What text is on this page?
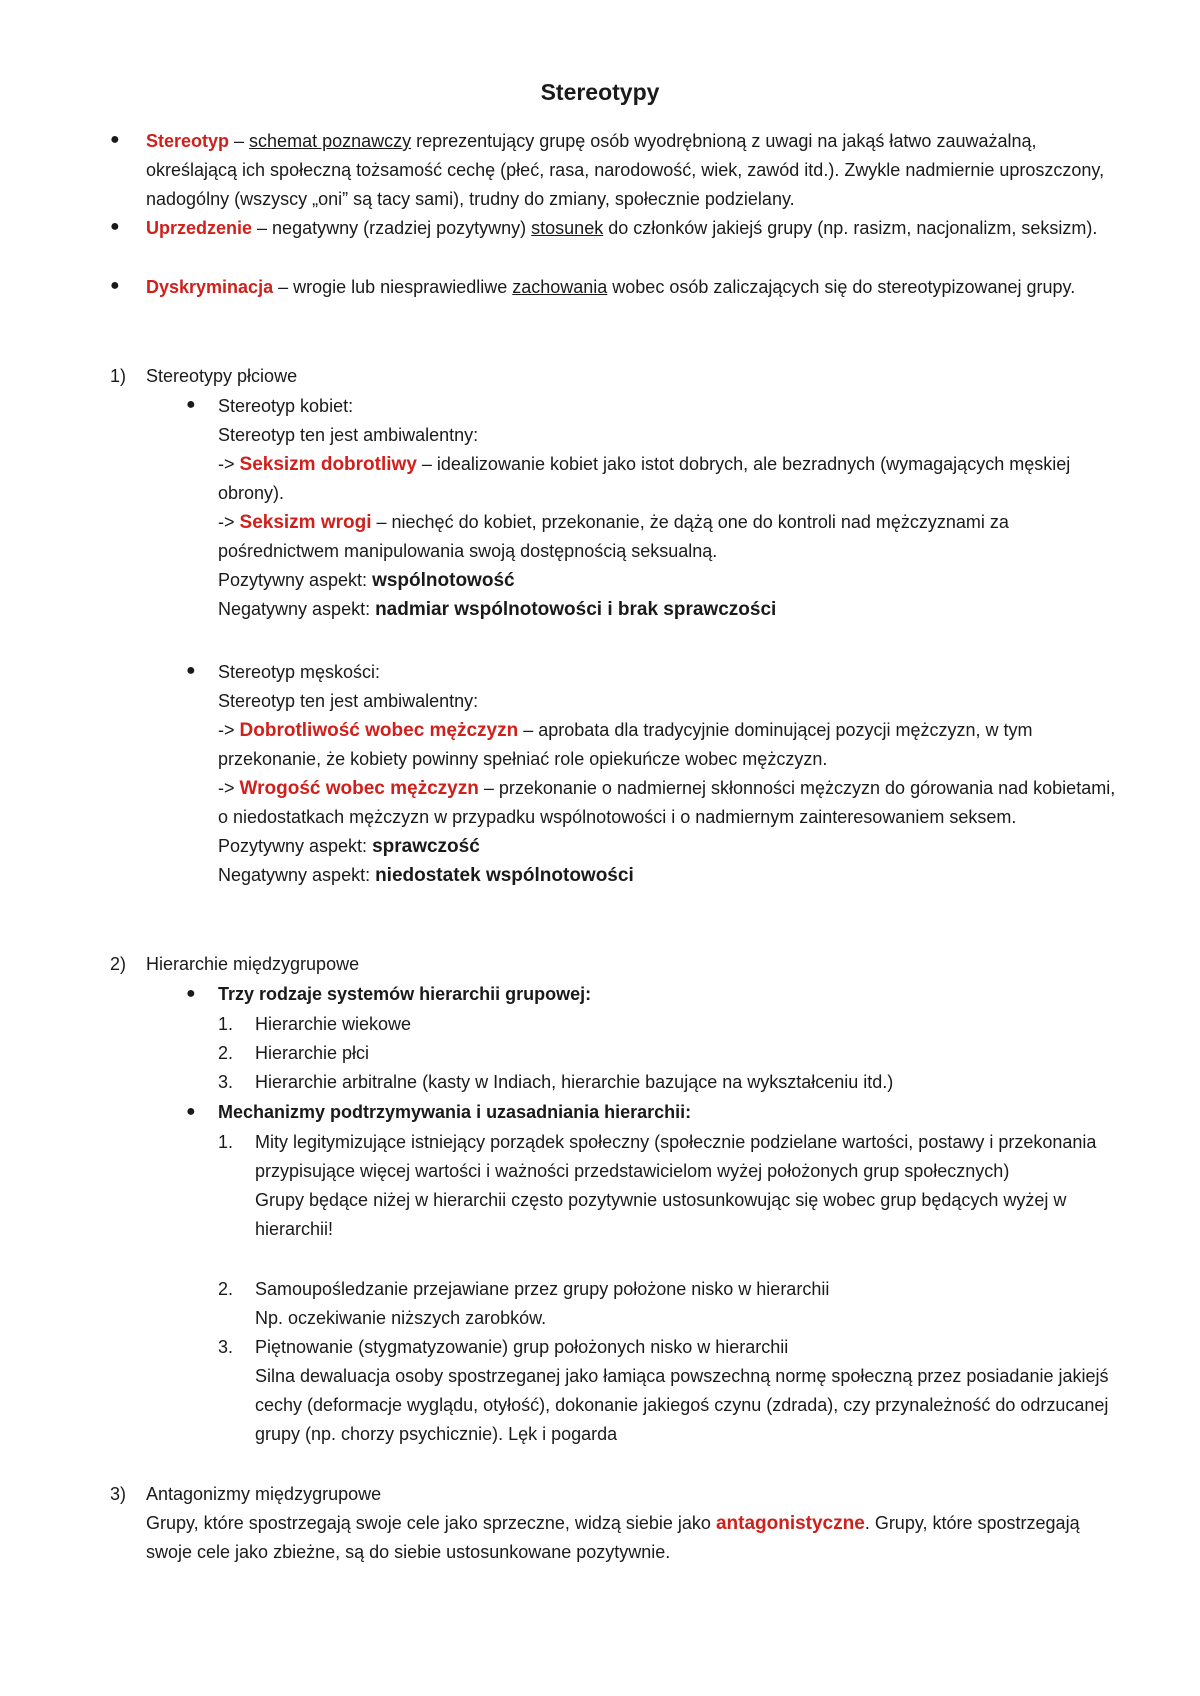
Stereotypy
● Stereotyp – schemat poznawczy reprezentujący grupę osób wyodrębnioną z uwagi na jakąś łatwo zauważalną, określającą ich społeczną tożsamość cechę (płeć, rasa, narodowość, wiek, zawód itd.). Zwykle nadmiernie uproszczony, nadogólny (wszyscy „oni” są tacy sami), trudny do zmiany, społecznie podzielany.
● Uprzedzenie – negatywny (rzadziej pozytywny) stosunek do członków jakiejś grupy (np. rasizm, nacjonalizm, seksizm).
● Dyskryminacja – wrogie lub niesprawiedliwe zachowania wobec osób zaliczających się do stereotypizowanej grupy.
1) Stereotypy płciowe
● Stereotyp kobiet:
Stereotyp ten jest ambiwalentny:
-> Seksizm dobrotliwy – idealizowanie kobiet jako istot dobrych, ale bezradnych (wymagających męskiej obrony).
-> Seksizm wrogi – niechęć do kobiet, przekonanie, że dążą one do kontroli nad mężczyznami za pośrednictwem manipulowania swoją dostępnością seksualną.
Pozytywny aspekt: wspólnotowość
Negatywny aspekt: nadmiar wspólnotowości i brak sprawczości
● Stereotyp męskości:
Stereotyp ten jest ambiwalentny:
-> Dobrotliwość wobec mężczyzn – aprobata dla tradycyjnie dominującej pozycji mężczyzn, w tym przekonanie, że kobiety powinny spełniać role opiekuńcze wobec mężczyzn.
-> Wrogość wobec mężczyzn – przekonanie o nadmiernej skłonności mężczyzn do górowania nad kobietami, o niedostatkach mężczyzn w przypadku wspólnotowości i o nadmiernym zainteresowaniem seksem.
Pozytywny aspekt: sprawczość
Negatywny aspekt: niedostatek wspólnotowości
2) Hierarchie międzygrupowe
● Trzy rodzaje systemów hierarchii grupowej:
1. Hierarchie wiekowe
2. Hierarchie płci
3. Hierarchie arbitralne (kasty w Indiach, hierarchie bazujące na wykształceniu itd.)
● Mechanizmy podtrzymywania i uzasadniania hierarchii:
1. Mity legitymizujące istniejący porządek społeczny (społecznie podzielane wartości, postawy i przekonania przypisujące więcej wartości i ważności przedstawicielom wyżej położonych grup społecznych)
Grupy będące niżej w hierarchii często pozytywnie ustosunkowując się wobec grup będących wyżej w hierarchii!
2. Samoupośledzanie przejawiane przez grupy położone nisko w hierarchii
Np. oczekiwanie niższych zarobków.
3. Piętnowanie (stygmatyzowanie) grup położonych nisko w hierarchii
Silna dewaluacja osoby spostrzeganej jako łamiąca powszechną normę społeczną przez posiadanie jakiejś cechy (deformacje wyglądu, otyłość), dokonanie jakiegoś czynu (zdrada), czy przynależność do odrzucanej grupy (np. chorzy psychicznie). Lęk i pogarda
3) Antagonizmy międzygrupowe
Grupy, które spostrzegają swoje cele jako sprzeczne, widzą siebie jako antagonistyczne. Grupy, które spostrzegają swoje cele jako zbieżne, są do siebie ustosunkowane pozytywnie.
